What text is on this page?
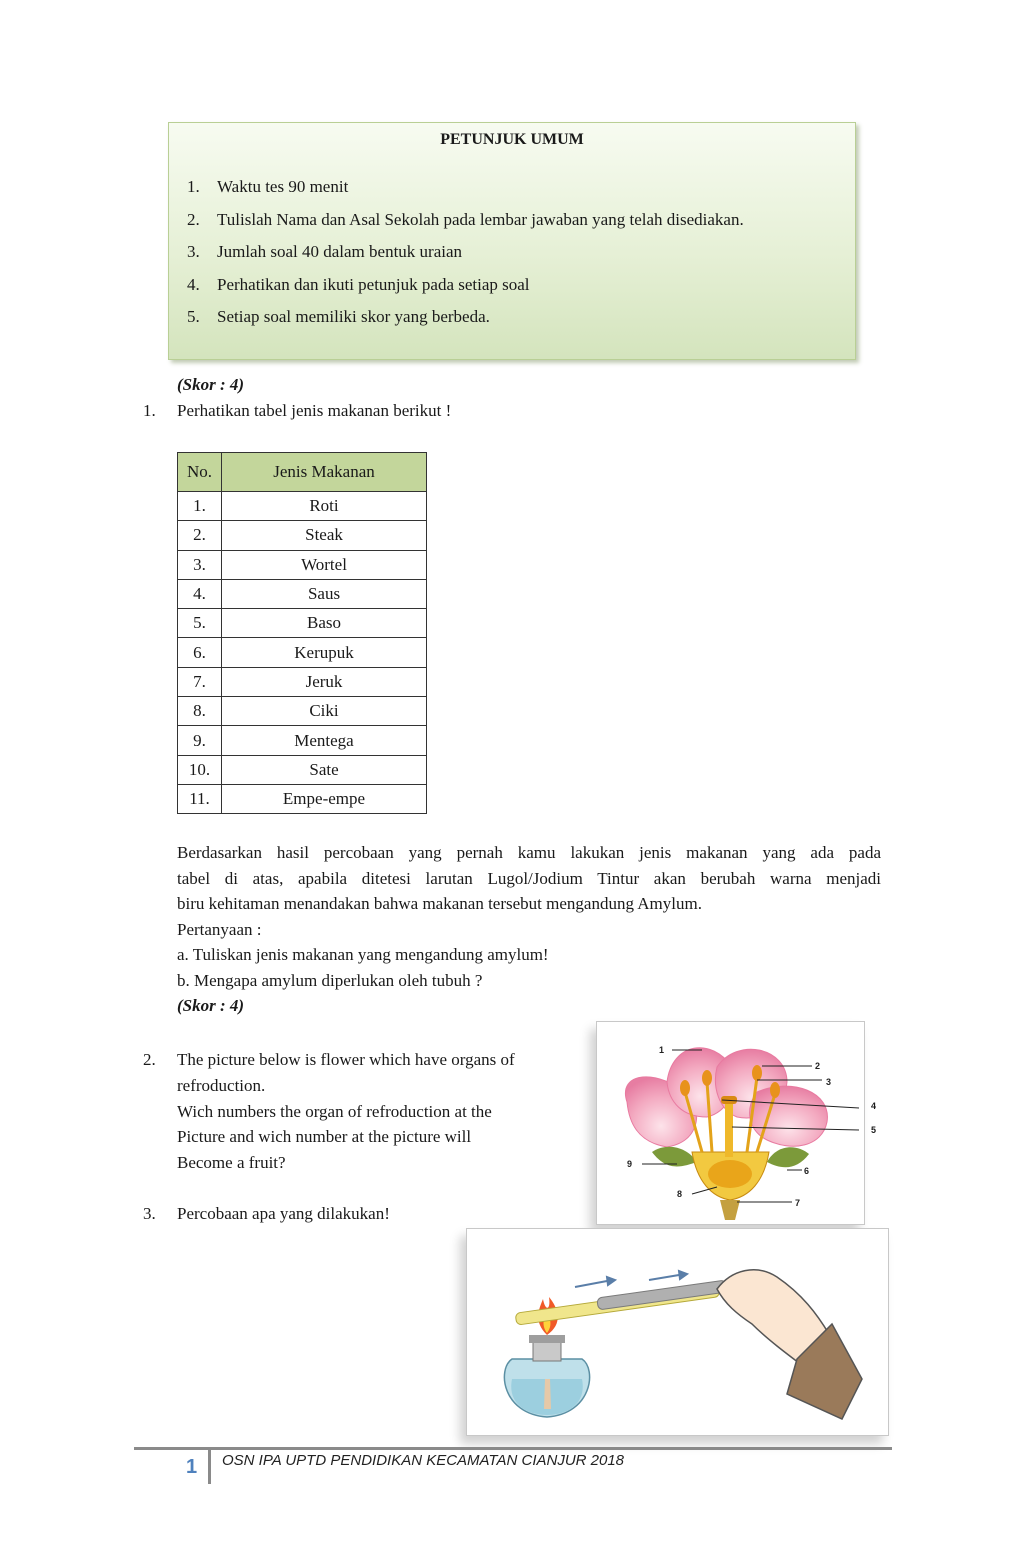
PETUNJUK UMUM
1.	Waktu tes 90 menit
2.	Tulislah Nama dan Asal Sekolah pada lembar jawaban yang telah disediakan.
3.	Jumlah soal 40 dalam bentuk uraian
4.	Perhatikan dan ikuti petunjuk pada setiap soal
5.	Setiap soal memiliki skor yang berbeda.
(Skor : 4)
1.	Perhatikan tabel jenis makanan berikut !
No.	Jenis Makanan
1.	Roti
2.	Steak
3.	Wortel
4.	Saus
5.	Baso
6.	Kerupuk
7.	Jeruk
8.	Ciki
9.	Mentega
10.	Sate
11.	Empe-empe

Berdasarkan hasil percobaan yang pernah kamu lakukan jenis makanan yang ada pada

tabel di atas, apabila ditetesi larutan Lugol/Jodium Tintur akan berubah warna menjadi

biru kehitaman menandakan bahwa makanan tersebut mengandung Amylum.

Pertanyaan :

a. Tuliskan jenis makanan yang mengandung amylum!

b. Mengapa amylum diperlukan oleh tubuh ?

(Skor : 4)

2.	The picture below is flower which have organs of
refroduction.
Wich numbers the organ of refroduction at the
Picture and wich number at the picture will
Become a fruit?
1
2
3
6
7
8
9
4
5
3.	Percobaan apa yang dilakukan!
1 OSN IPA UPTD PENDIDIKAN KECAMATAN CIANJUR 2018
